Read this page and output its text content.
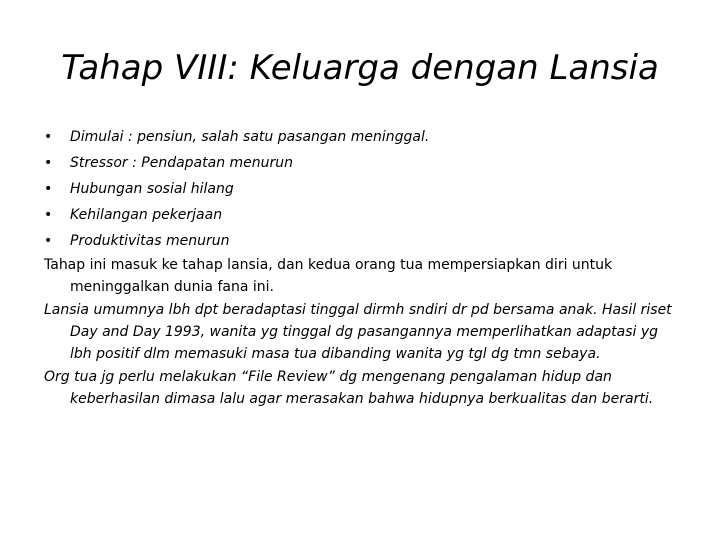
Tahap VIII: Keluarga dengan Lansia
• Dimulai : pensiun, salah satu pasangan meninggal.
• Stressor : Pendapatan menurun
• Hubungan sosial hilang
• Kehilangan pekerjaan
• Produktivitas menurun

Tahap ini masuk ke tahap lansia, dan kedua orang tua mempersiapkan diri untuk meninggalkan dunia fana ini.

Lansia umumnya lbh dpt beradaptasi tinggal dirmh sndiri dr pd bersama anak. Hasil riset Day and Day 1993, wanita yg tinggal dg pasangannya memperlihatkan adaptasi yg lbh positif dlm memasuki masa tua dibanding wanita yg tgl dg tmn sebaya.

Org tua jg perlu melakukan “File Review” dg mengenang pengalaman hidup dan keberhasilan dimasa lalu agar merasakan bahwa hidupnya berkualitas dan berarti.
